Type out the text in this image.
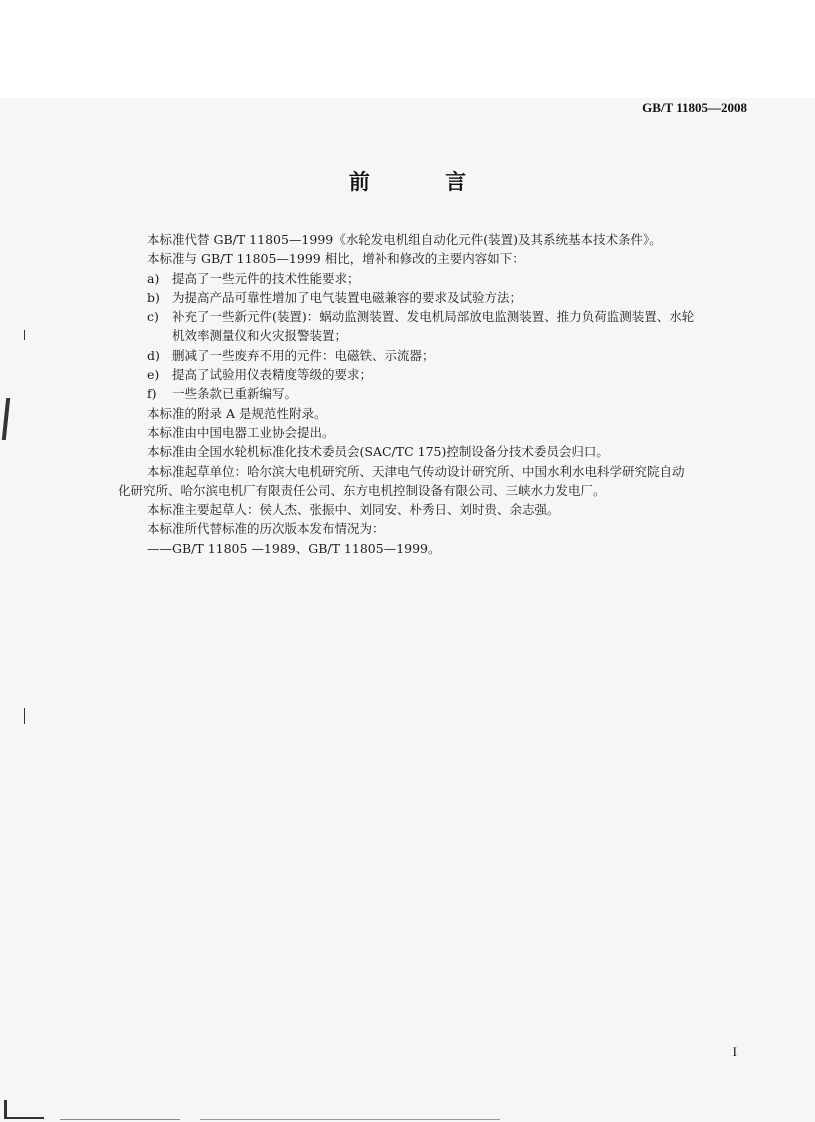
GB/T 11805—2008
前 言
本标准代替 GB/T 11805—1999《水轮发电机组自动化元件(装置)及其系统基本技术条件》。
本标准与 GB/T 11805—1999 相比，增补和修改的主要内容如下：
a)	提高了一些元件的技术性能要求；
b) 为提高产品可靠性增加了电气装置电磁兼容的要求及试验方法；
c)	补充了一些新元件(装置)：蜗动监测装置、发电机局部放电监测装置、推力负荷监测装置、水轮
机效率测量仪和火灾报警装置；
d) 删减了一些废弃不用的元件：电磁铁、示流器；
e)	提高了试验用仪表精度等级的要求；
f)	一些条款已重新编写。
本标准的附录 A 是规范性附录。
本标准由中国电器工业协会提出。
本标准由全国水轮机标准化技术委员会(SAC/TC 175)控制设备分技术委员会归口。
本标准起草单位：哈尔滨大电机研究所、天津电气传动设计研究所、中国水利水电科学研究院自动
化研究所、哈尔滨电机厂有限责任公司、东方电机控制设备有限公司、三峡水力发电厂。
本标准主要起草人：侯人杰、张振中、刘同安、朴秀日、刘时贵、余志强。
本标准所代替标准的历次版本发布情况为：
——GB/T 11805 —1989、GB/T 11805—1999。
I
